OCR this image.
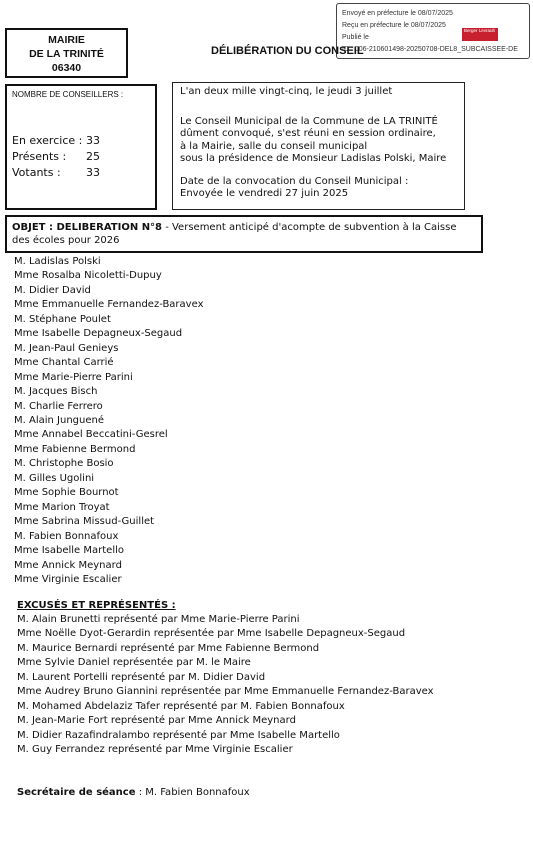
Envoyé en préfecture le 08/07/2025
Reçu en préfecture le 08/07/2025
Publié le
ID : 006-210601498-20250708-DEL8_SUBCAISSEE-DE
Berger Levrault
MAIRIE
DE LA TRINITÉ
06340
DÉLIBÉRATION DU CONSEIL
NOMBRE DE CONSEILLERS :
En exercice : 33
Présents : 25
Votants : 33

L'an deux mille vingt-cinq, le jeudi 3 juillet

Le Conseil Municipal de la Commune de LA TRINITÉ

dûment convoqué, s'est réuni en session ordinaire,

à la Mairie, salle du conseil municipal

sous la présidence de Monsieur Ladislas Polski, Maire

Date de la convocation du Conseil Municipal :

Envoyée le vendredi 27 juin 2025

OBJET : DELIBERATION N°8 - Versement anticipé d'acompte de subvention à la Caisse des écoles pour 2026
M. Ladislas Polski
Mme Rosalba Nicoletti-Dupuy
M. Didier David
Mme Emmanuelle Fernandez-Baravex
M. Stéphane Poulet
Mme Isabelle Depagneux-Segaud
M. Jean-Paul Genieys
Mme Chantal Carrié
Mme Marie-Pierre Parini
M. Jacques Bisch
M. Charlie Ferrero
M. Alain Junguené
Mme Annabel Beccatini-Gesrel
Mme Fabienne Bermond
M. Christophe Bosio
M. Gilles Ugolini
Mme Sophie Bournot
Mme Marion Troyat
Mme Sabrina Missud-Guillet
M. Fabien Bonnafoux
Mme Isabelle Martello
Mme Annick Meynard
Mme Virginie Escalier
EXCUSÉS ET REPRÉSENTÉS :
M. Alain Brunetti représenté par Mme Marie-Pierre Parini
Mme Noëlle Dyot-Gerardin représentée par Mme Isabelle Depagneux-Segaud
M. Maurice Bernardi représenté par Mme Fabienne Bermond
Mme Sylvie Daniel représentée par M. le Maire
M. Laurent Portelli représenté par M. Didier David
Mme Audrey Bruno Giannini représentée par Mme Emmanuelle Fernandez-Baravex
M. Mohamed Abdelaziz Tafer représenté par M. Fabien Bonnafoux
M. Jean-Marie Fort représenté par Mme Annick Meynard
M. Didier Razafindralambo représenté par Mme Isabelle Martello
M. Guy Ferrandez représenté par Mme Virginie Escalier
Secrétaire de séance : M. Fabien Bonnafoux
